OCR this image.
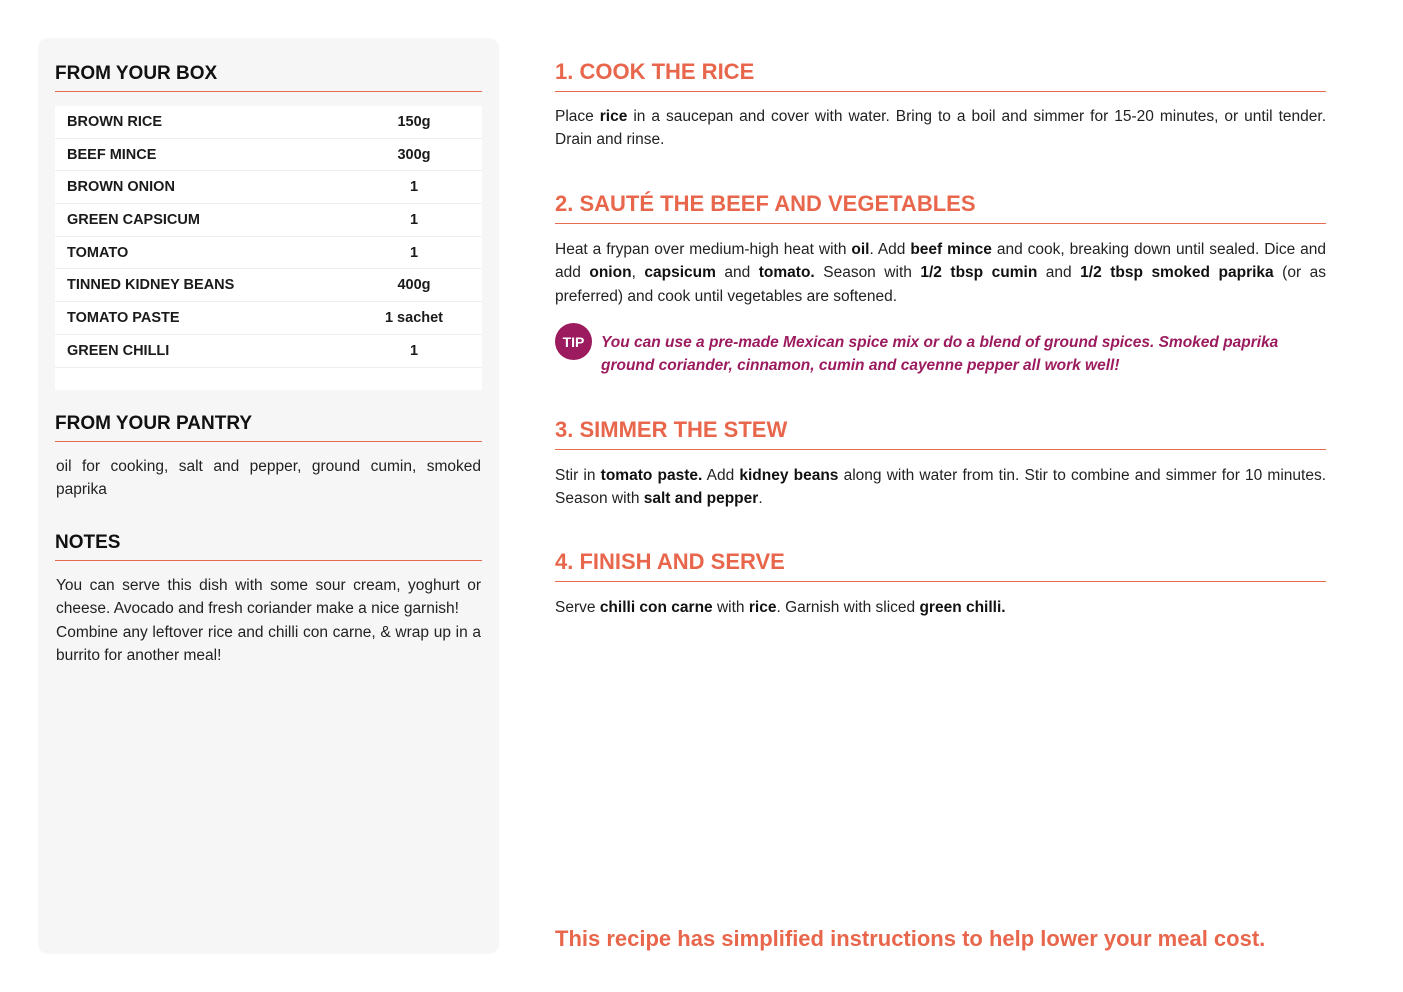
FROM YOUR BOX
BROWN RICE	150g
BEEF MINCE	300g
BROWN ONION	1
GREEN CAPSICUM	1
TOMATO	1
TINNED KIDNEY BEANS	400g
TOMATO PASTE	1 sachet
GREEN CHILLI	1
FROM YOUR PANTRY
oil for cooking, salt and pepper, ground cumin, smoked paprika
NOTES

You can serve this dish with some sour cream, yoghurt or cheese. Avocado and fresh coriander make a nice garnish!

Combine any leftover rice and chilli con carne, & wrap up in a burrito for another meal!

1. COOK THE RICE

Place rice in a saucepan and cover with water. Bring to a boil and simmer for 15-20 minutes, or until tender. Drain and rinse.

2. SAUTÉ THE BEEF AND VEGETABLES

Heat a frypan over medium-high heat with oil. Add beef mince and cook, breaking down until sealed. Dice and add onion, capsicum and tomato. Season with 1/2 tbsp cumin and 1/2 tbsp smoked paprika (or as preferred) and cook until vegetables are softened.

TIP	You can use a pre-made Mexican spice mix or do a blend of ground spices. Smoked paprika ground coriander, cinnamon, cumin and cayenne pepper all work well!
3. SIMMER THE STEW

Stir in tomato paste. Add kidney beans along with water from tin. Stir to combine and simmer for 10 minutes. Season with salt and pepper.

4. FINISH AND SERVE

Serve chilli con carne with rice. Garnish with sliced green chilli.

This recipe has simplified instructions to help lower your meal cost.
